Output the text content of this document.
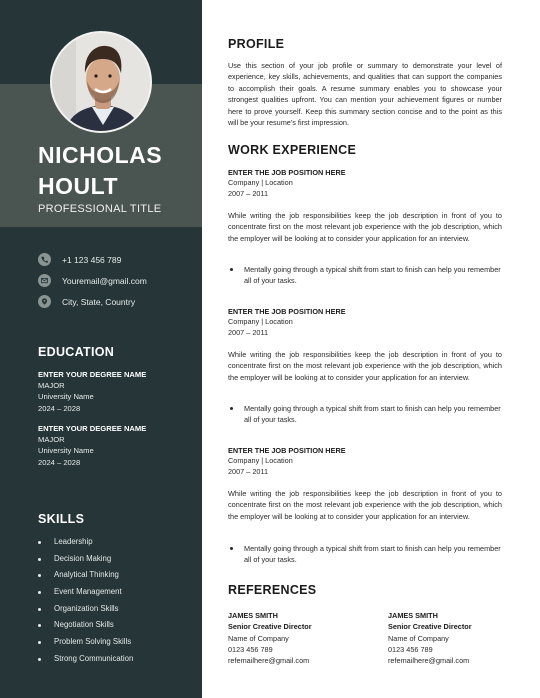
NICHOLAS
HOULT
PROFESSIONAL TITLE
+1 123 456 789
Youremail@gmail.com
City, State, Country
EDUCATION
ENTER YOUR DEGREE NAME
MAJOR
University Name
2024 – 2028
ENTER YOUR DEGREE NAME
MAJOR
University Name
2024 – 2028
SKILLS
Leadership
Decision Making
Analytical Thinking
Event Management
Organization Skills
Negotiation Skills
Problem Solving Skills
Strong Communication
PROFILE
Use this section of your job profile or summary to demonstrate your level of experience, key skills, achievements, and qualities that can support the companies to accomplish their goals. A resume summary enables you to showcase your strongest qualities upfront. You can mention your achievement figures or number here to prove yourself. Keep this summary section concise and to the point as this will be your resume's first impression.
WORK EXPERIENCE
ENTER THE JOB POSITION HERE
Company | Location
2007 – 2011
While writing the job responsibilities keep the job description in front of you to concentrate first on the most relevant job experience with the job description, which the employer will be looking at to consider your application for an interview.
Mentally going through a typical shift from start to finish can help you remember all of your tasks.
ENTER THE JOB POSITION HERE
Company | Location
2007 – 2011
While writing the job responsibilities keep the job description in front of you to concentrate first on the most relevant job experience with the job description, which the employer will be looking at to consider your application for an interview.
Mentally going through a typical shift from start to finish can help you remember all of your tasks.
ENTER THE JOB POSITION HERE
Company | Location
2007 – 2011
While writing the job responsibilities keep the job description in front of you to concentrate first on the most relevant job experience with the job description, which the employer will be looking at to consider your application for an interview.
Mentally going through a typical shift from start to finish can help you remember all of your tasks.
REFERENCES
JAMES SMITH
Senior Creative Director
Name of Company
0123 456 789
refemailhere@gmail.com
JAMES SMITH
Senior Creative Director
Name of Company
0123 456 789
refemailhere@gmail.com
